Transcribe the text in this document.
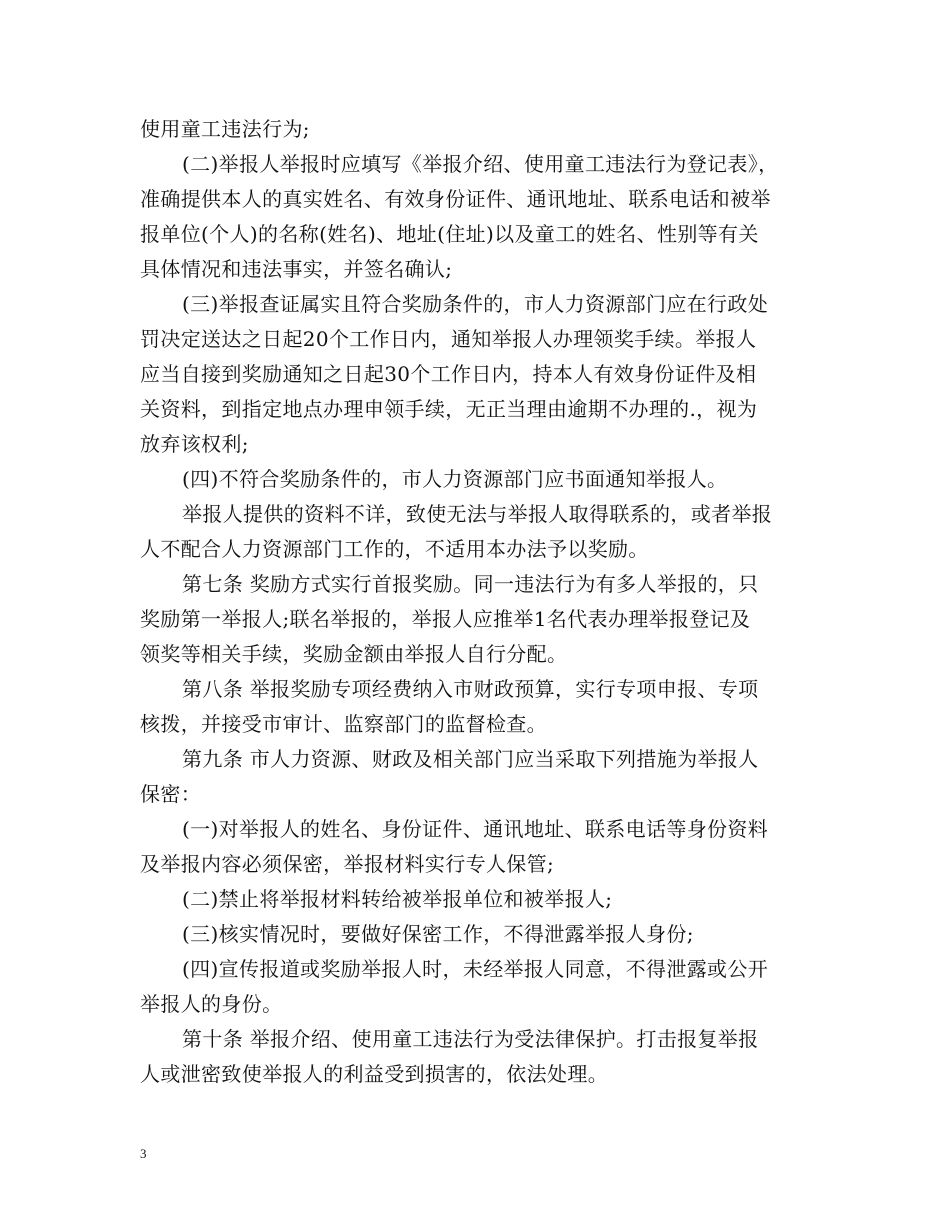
使用童工违法行为;
(二)举报人举报时应填写《举报介绍、使用童工违法行为登记表》，
准确提供本人的真实姓名、有效身份证件、通讯地址、联系电话和被举
报单位(个人)的名称(姓名)、地址(住址)以及童工的姓名、性别等有关
具体情况和违法事实，并签名确认;
(三)举报查证属实且符合奖励条件的，市人力资源部门应在行政处
罚决定送达之日起20个工作日内，通知举报人办理领奖手续。举报人
应当自接到奖励通知之日起30个工作日内，持本人有效身份证件及相
关资料，到指定地点办理申领手续，无正当理由逾期不办理的.，视为
放弃该权利;
(四)不符合奖励条件的，市人力资源部门应书面通知举报人。
举报人提供的资料不详，致使无法与举报人取得联系的，或者举报
人不配合人力资源部门工作的，不适用本办法予以奖励。
第七条 奖励方式实行首报奖励。同一违法行为有多人举报的，只
奖励第一举报人;联名举报的，举报人应推举1名代表办理举报登记及
领奖等相关手续，奖励金额由举报人自行分配。
第八条 举报奖励专项经费纳入市财政预算，实行专项申报、专项
核拨，并接受市审计、监察部门的监督检查。
第九条 市人力资源、财政及相关部门应当采取下列措施为举报人
保密：
(一)对举报人的姓名、身份证件、通讯地址、联系电话等身份资料
及举报内容必须保密，举报材料实行专人保管;
(二)禁止将举报材料转给被举报单位和被举报人;
(三)核实情况时，要做好保密工作，不得泄露举报人身份;
(四)宣传报道或奖励举报人时，未经举报人同意，不得泄露或公开
举报人的身份。
第十条 举报介绍、使用童工违法行为受法律保护。打击报复举报
人或泄密致使举报人的利益受到损害的，依法处理。
3
